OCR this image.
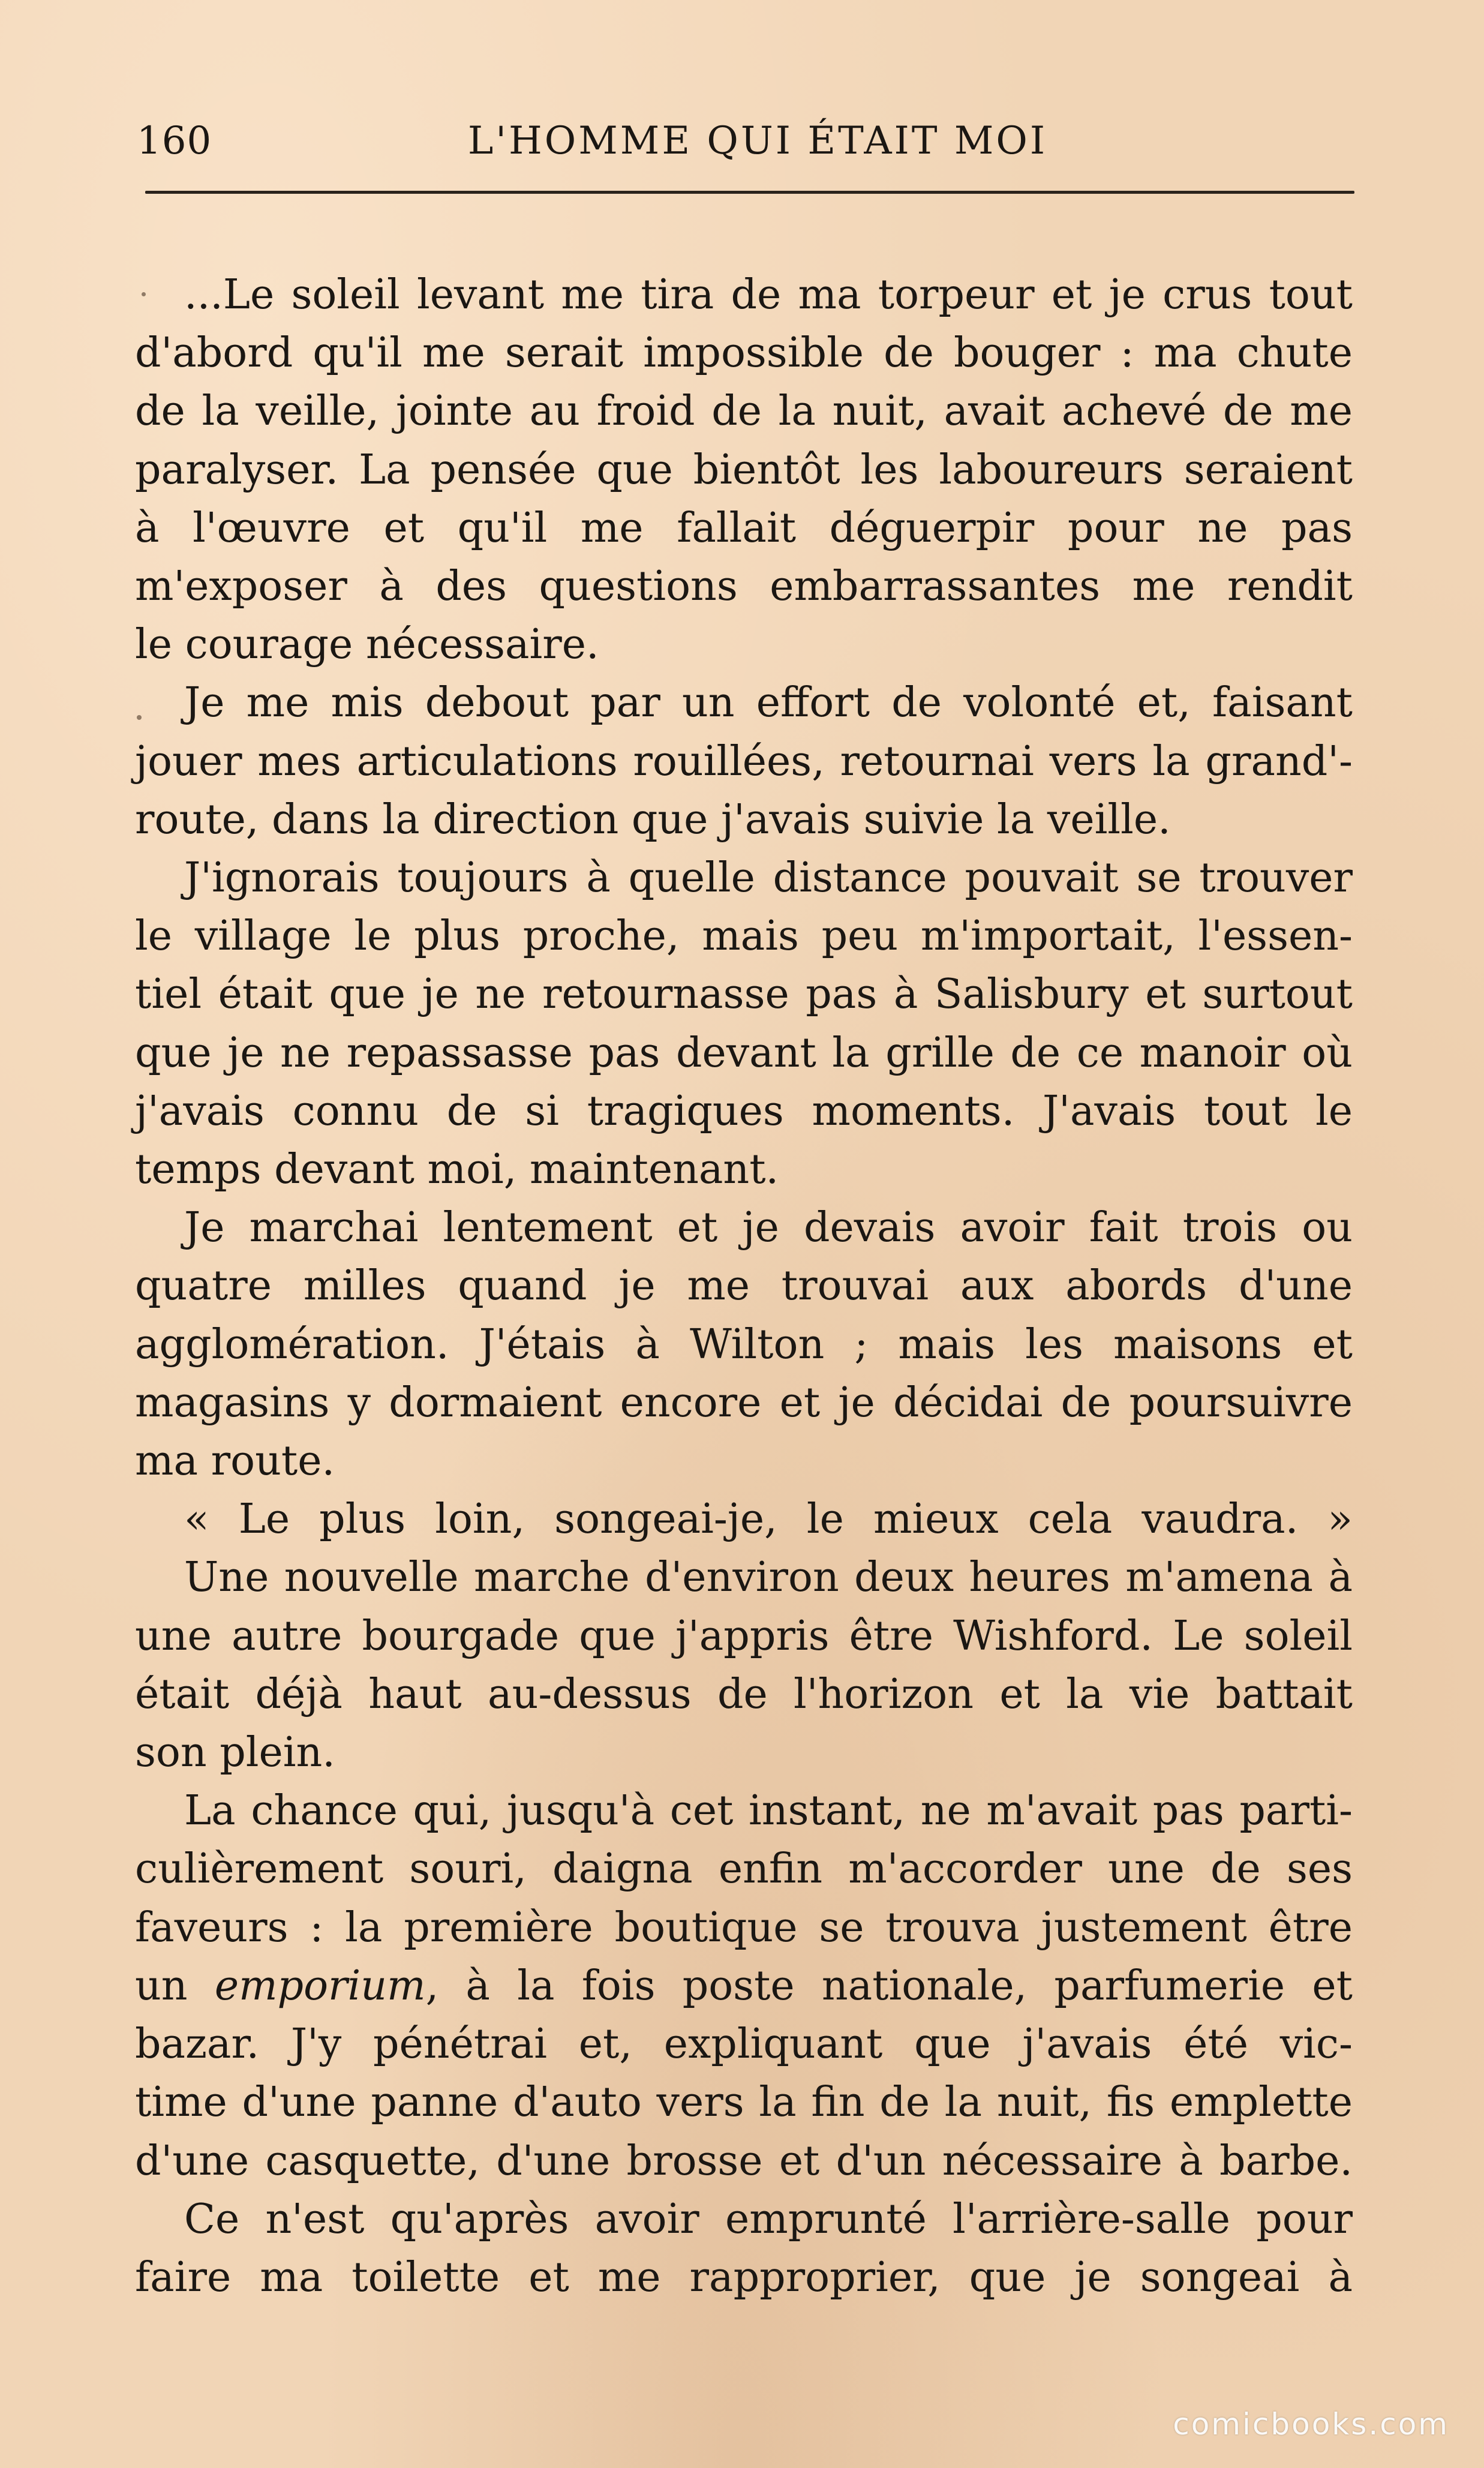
160	L'HOMME QUI ÉTAIT MOI

...Le soleil levant me tira de ma torpeur et je crus tout
d'abord qu'il me serait impossible de bouger : ma chute
de la veille, jointe au froid de la nuit, avait achevé de me
paralyser. La pensée que bientôt les laboureurs seraient
à l'œuvre et qu'il me fallait déguerpir pour ne pas
m'exposer à des questions embarrassantes me rendit
le courage nécessaire.

Je me mis debout par un effort de volonté et, faisant
jouer mes articulations rouillées, retournai vers la grand'-
route, dans la direction que j'avais suivie la veille.

J'ignorais toujours à quelle distance pouvait se trouver
le village le plus proche, mais peu m'importait, l'essen-
tiel était que je ne retournasse pas à Salisbury et surtout
que je ne repassasse pas devant la grille de ce manoir où
j'avais connu de si tragiques moments. J'avais tout le
temps devant moi, maintenant.

Je marchai lentement et je devais avoir fait trois ou
quatre milles quand je me trouvai aux abords d'une
agglomération. J'étais à Wilton ; mais les maisons et
magasins y dormaient encore et je décidai de poursuivre
ma route.

« Le plus loin, songeai-je, le mieux cela vaudra. »

Une nouvelle marche d'environ deux heures m'amena à
une autre bourgade que j'appris être Wishford. Le soleil
était déjà haut au-dessus de l'horizon et la vie battait
son plein.

La chance qui, jusqu'à cet instant, ne m'avait pas parti-
culièrement souri, daigna enfin m'accorder une de ses
faveurs : la première boutique se trouva justement être
un emporium, à la fois poste nationale, parfumerie et
bazar. J'y pénétrai et, expliquant que j'avais été vic-
time d'une panne d'auto vers la fin de la nuit, fis emplette
d'une casquette, d'une brosse et d'un nécessaire à barbe.

Ce n'est qu'après avoir emprunté l'arrière-salle pour
faire ma toilette et me rapproprier, que je songeai à

comicbooks.com
